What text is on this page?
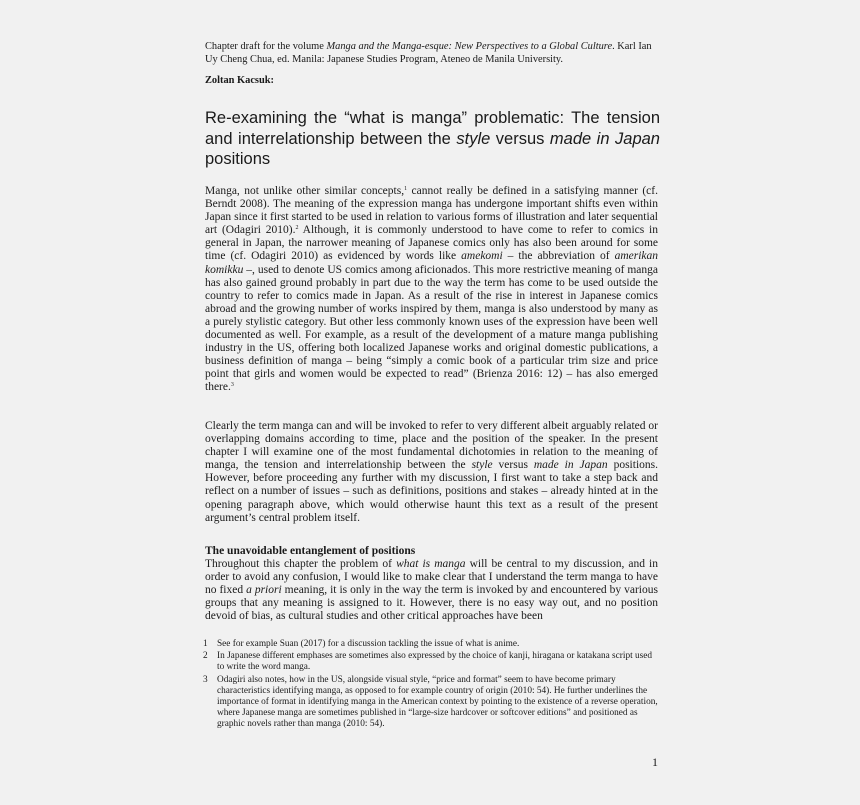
Chapter draft for the volume Manga and the Manga-esque: New Perspectives to a Global Culture. Karl Ian Uy Cheng Chua, ed. Manila: Japanese Studies Program, Ateneo de Manila University.
Zoltan Kacsuk:
Re-examining the “what is manga” problematic: The tension and interrelationship between the style versus made in Japan positions

Manga, not unlike other similar concepts,$^1$ cannot really be defined in a satisfying manner (cf. Berndt 2008). The meaning of the expression manga has undergone important shifts even within Japan since it first started to be used in relation to various forms of illustration and later sequential art (Odagiri 2010).$^2$ Although, it is commonly understood to have come to refer to comics in general in Japan, the narrower meaning of Japanese comics only has also been around for some time (cf. Odagiri 2010) as evidenced by words like amekomi – the abbreviation of amerikan komikku –, used to denote US comics among aficionados. This more restrictive meaning of manga has also gained ground probably in part due to the way the term has come to be used outside the country to refer to comics made in Japan. As a result of the rise in interest in Japanese comics abroad and the growing number of works inspired by them, manga is also understood by many as a purely stylistic category. But other less commonly known uses of the expression have been well documented as well. For example, as a result of the development of a mature manga publishing industry in the US, offering both localized Japanese works and original domestic publications, a business definition of manga – being “simply a comic book of a particular trim size and price point that girls and women would be expected to read” (Brienza 2016: 12) – has also emerged there.$^3$

Clearly the term manga can and will be invoked to refer to very different albeit arguably related or overlapping domains according to time, place and the position of the speaker. In the present chapter I will examine one of the most fundamental dichotomies in relation to the meaning of manga, the tension and interrelationship between the style versus made in Japan positions. However, before proceeding any further with my discussion, I first want to take a step back and reflect on a number of issues – such as definitions, positions and stakes – already hinted at in the opening paragraph above, which would otherwise haunt this text as a result of the present argument’s central problem itself.

The unavoidable entanglement of positions

Throughout this chapter the problem of what is manga will be central to my discussion, and in order to avoid any confusion, I would like to make clear that I understand the term manga to have no fixed a priori meaning, it is only in the way the term is invoked by and encountered by various groups that any meaning is assigned to it. However, there is no easy way out, and no position devoid of bias, as cultural studies and other critical approaches have been

1	See for example Suan (2017) for a discussion tackling the issue of what is anime.
2	In Japanese different emphases are sometimes also expressed by the choice of kanji, hiragana or katakana script used to write the word manga.
3	Odagiri also notes, how in the US, alongside visual style, “price and format” seem to have become primary characteristics identifying manga, as opposed to for example country of origin (2010: 54). He further underlines the importance of format in identifying manga in the American context by pointing to the existence of a reverse operation, where Japanese manga are sometimes published in “large-size hardcover or softcover editions” and positioned as graphic novels rather than manga (2010: 54).
1
